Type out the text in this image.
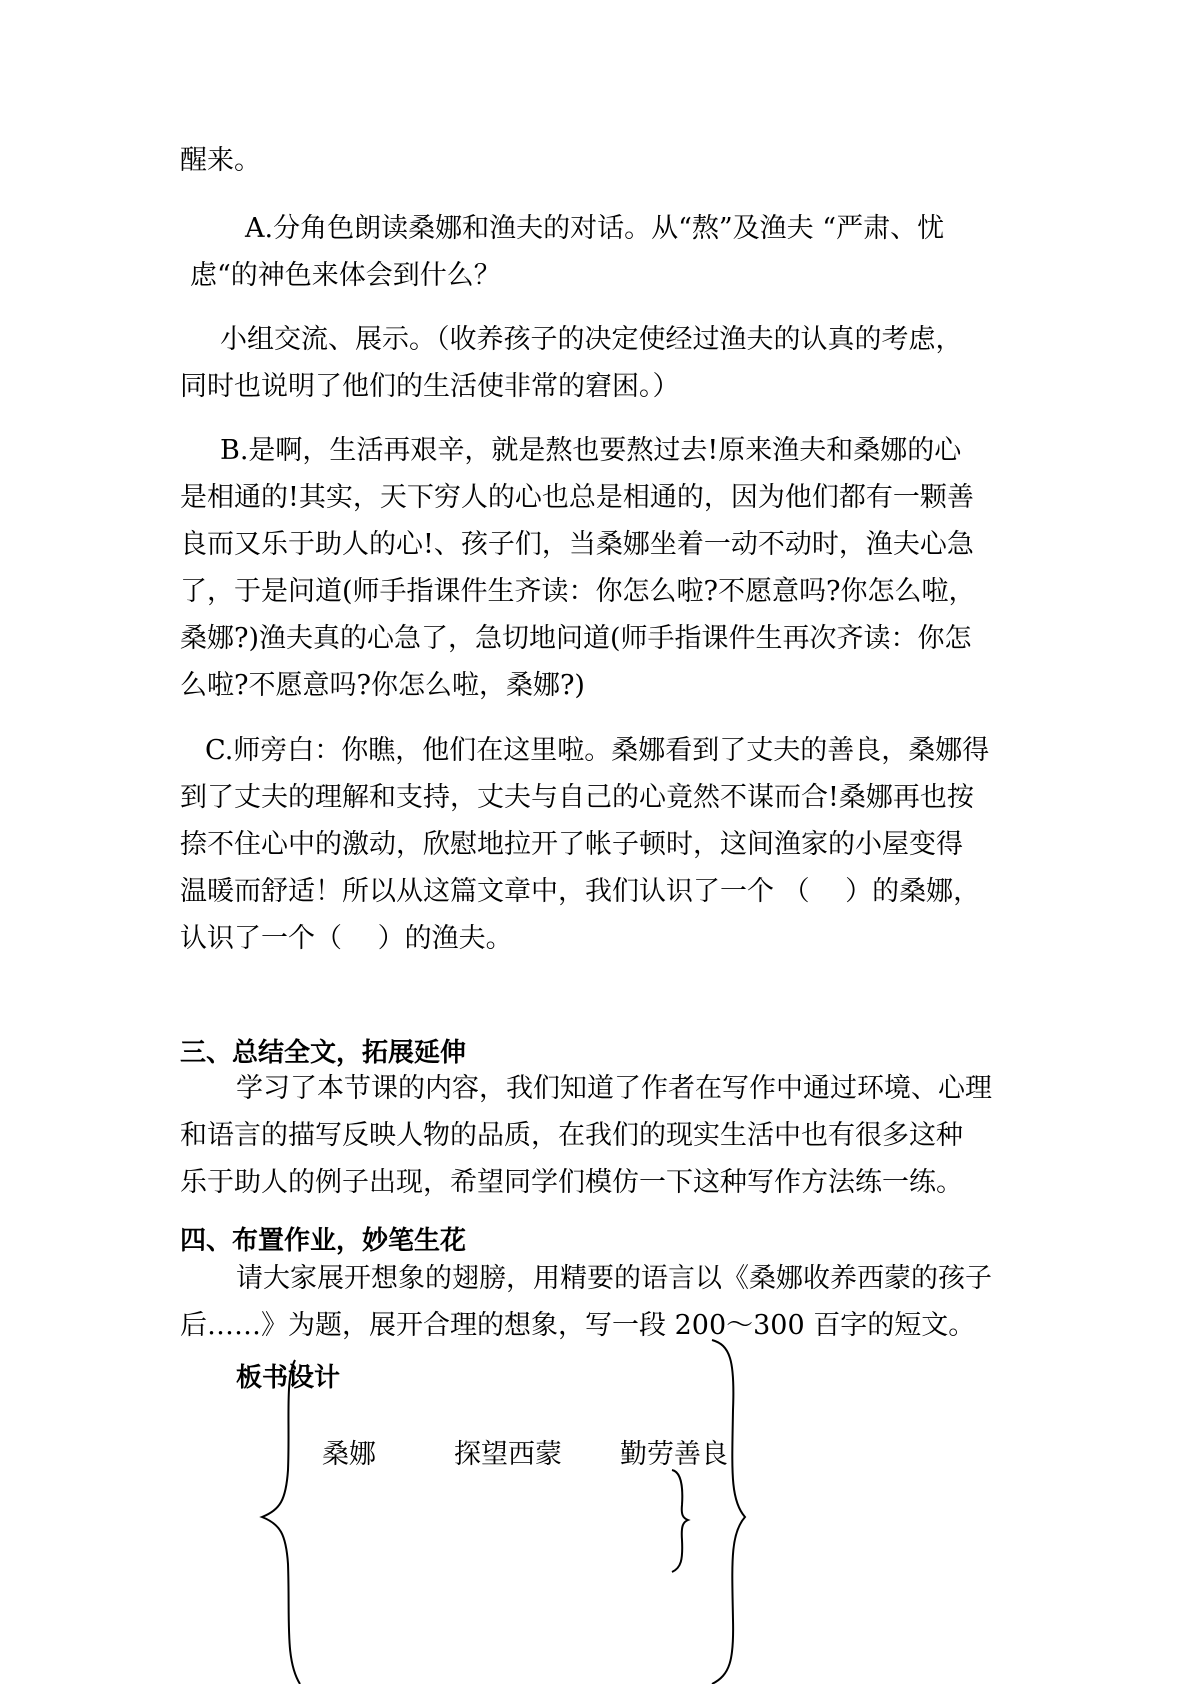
醒来。
A.分角色朗读桑娜和渔夫的对话。从“熬”及渔夫 “严肃、忧
虑“的神色来体会到什么？
小组交流、展示。（收养孩子的决定使经过渔夫的认真的考虑，
同时也说明了他们的生活使非常的窘困。）
B.是啊，生活再艰辛，就是熬也要熬过去!原来渔夫和桑娜的心
是相通的!其实，天下穷人的心也总是相通的，因为他们都有一颗善
良而又乐于助人的心!、孩子们，当桑娜坐着一动不动时，渔夫心急
了，于是问道(师手指课件生齐读：你怎么啦?不愿意吗?你怎么啦，
桑娜?)渔夫真的心急了，急切地问道(师手指课件生再次齐读：你怎
么啦?不愿意吗?你怎么啦，桑娜?)
C.师旁白：你瞧，他们在这里啦。桑娜看到了丈夫的善良，桑娜得
到了丈夫的理解和支持，丈夫与自己的心竟然不谋而合!桑娜再也按
捺不住心中的激动，欣慰地拉开了帐子顿时，这间渔家的小屋变得
温暖而舒适！所以从这篇文章中，我们认识了一个 （　 ）的桑娜，
认识了一个（　 ）的渔夫。
三、总结全文，拓展延伸
学习了本节课的内容，我们知道了作者在写作中通过环境、心理
和语言的描写反映人物的品质，在我们的现实生活中也有很多这种
乐于助人的例子出现，希望同学们模仿一下这种写作方法练一练。
四、布置作业，妙笔生花
请大家展开想象的翅膀，用精要的语言以《桑娜收养西蒙的孩子
后……》为题，展开合理的想象，写一段 200～300 百字的短文。
板书设计
桑娜	探望西蒙 勤劳善良
